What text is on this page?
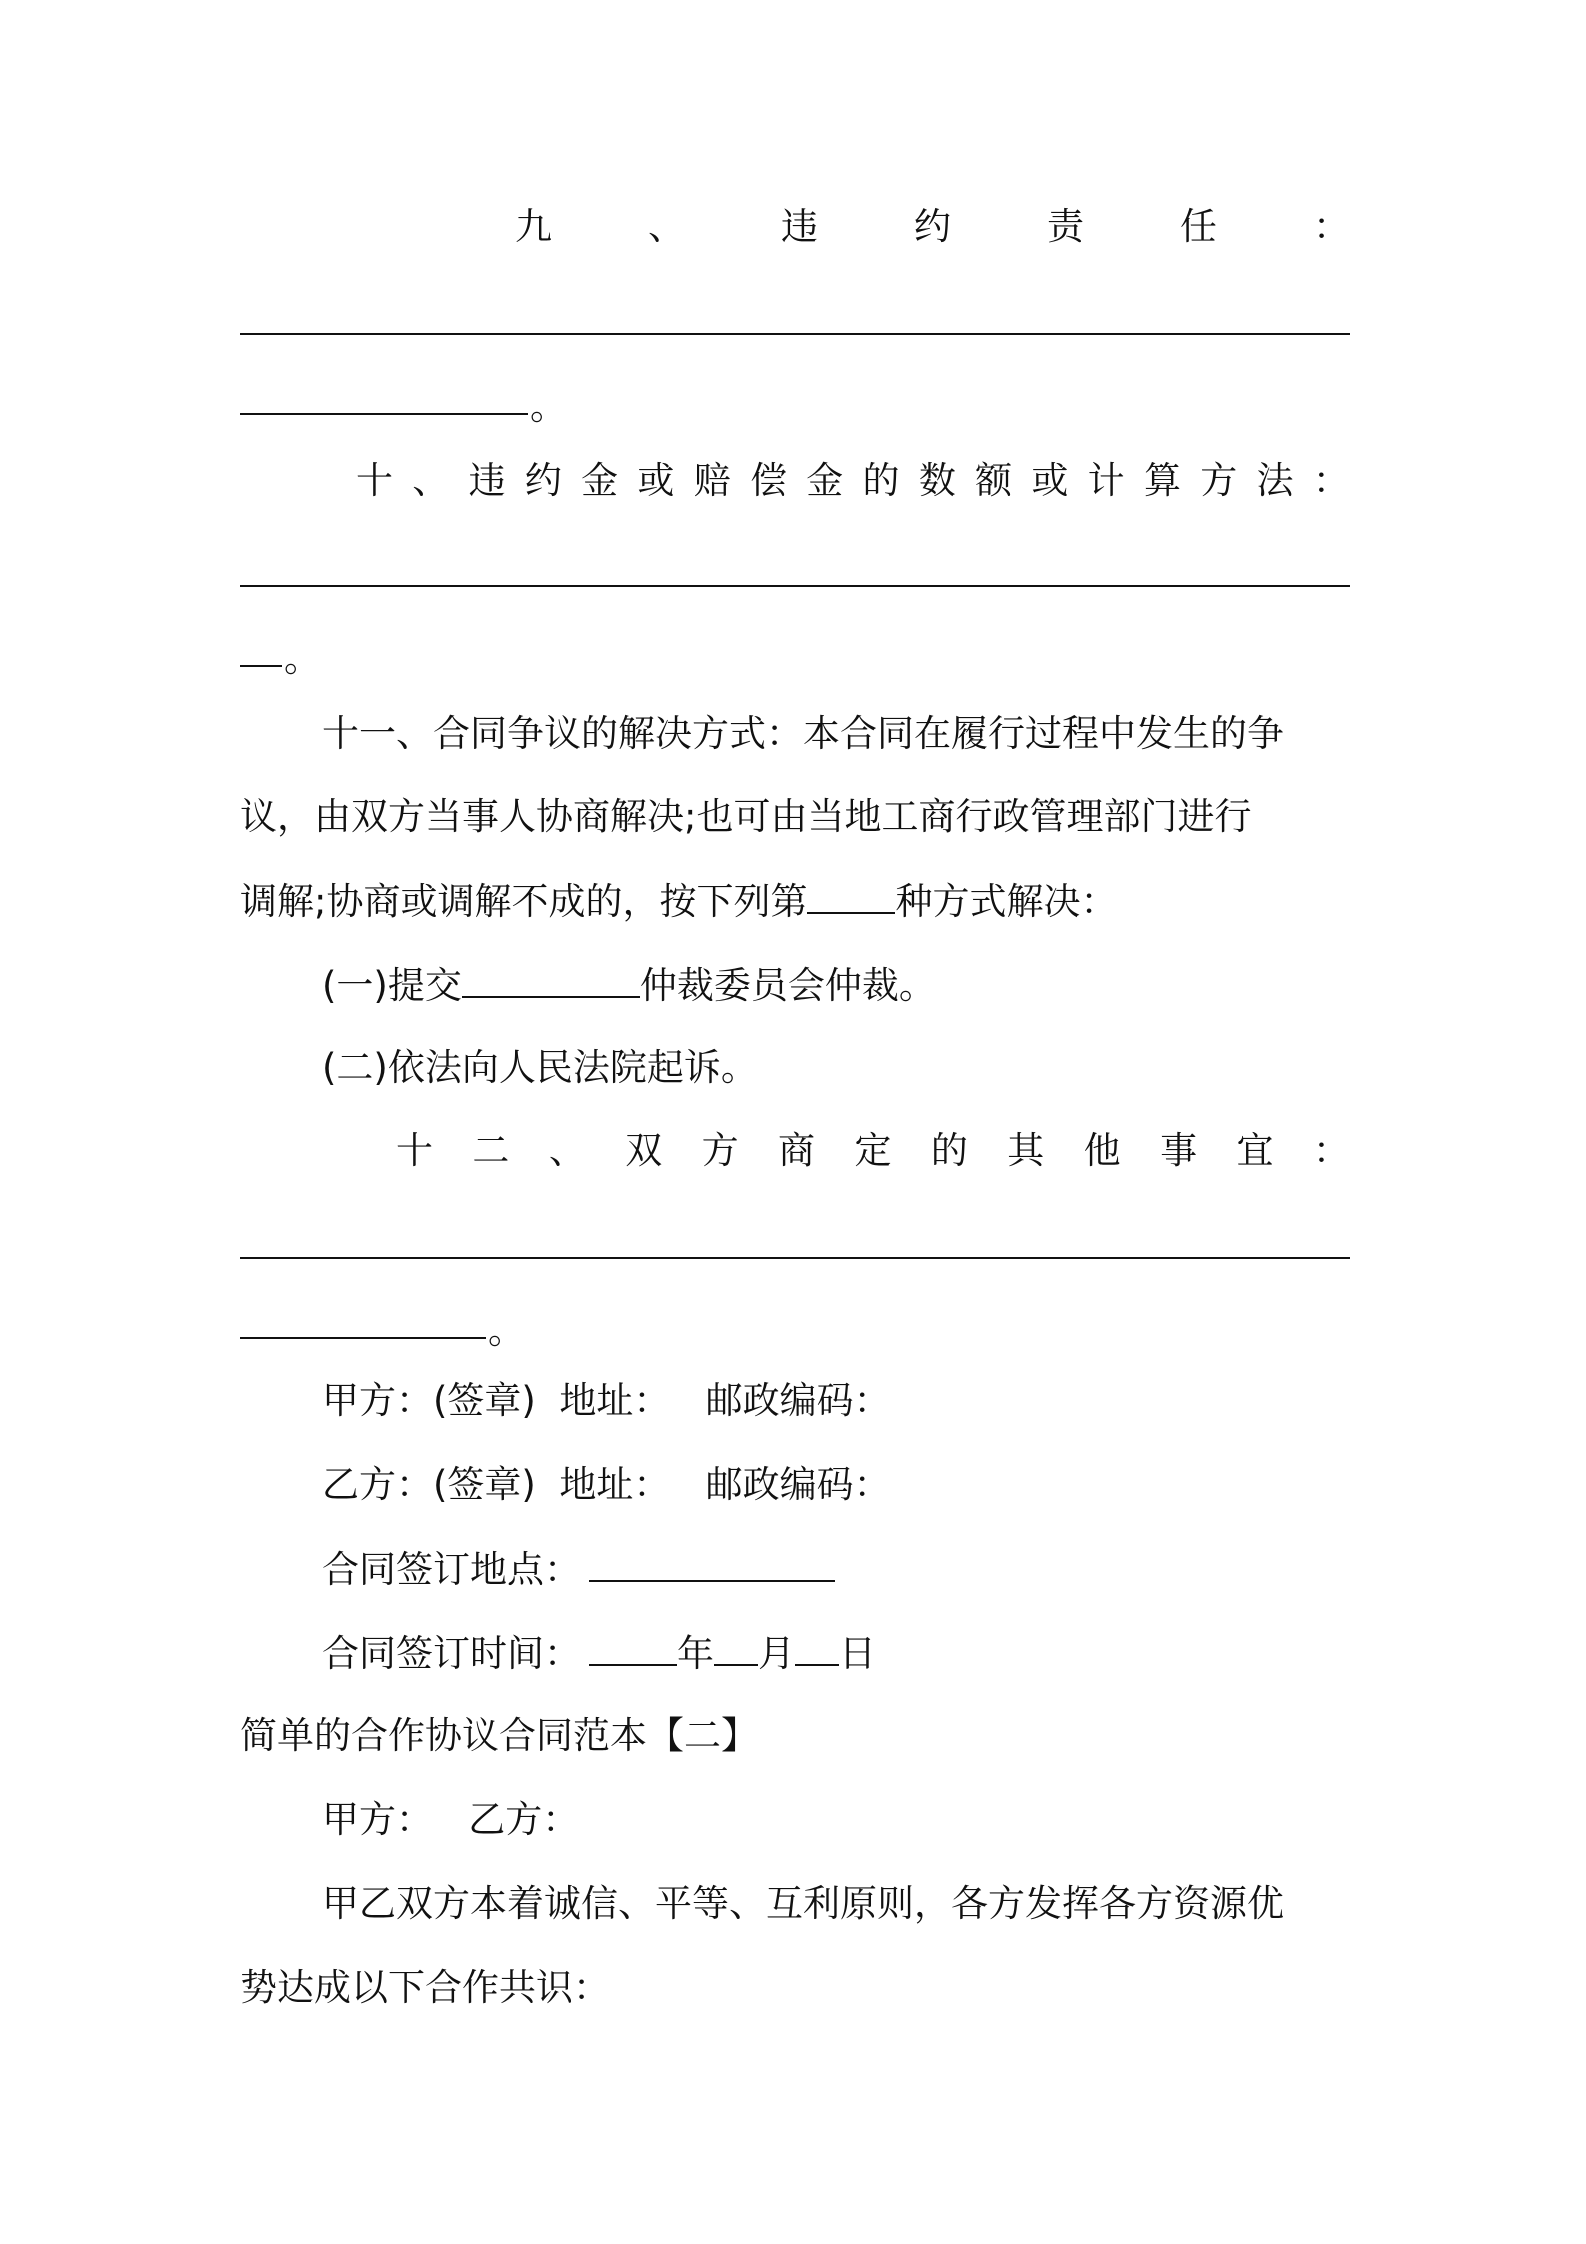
九	、	违	约	责	任	：
。
十 、 违 约 金 或 赔 偿 金 的 数 额 或 计 算 方 法 ：
。
十一、合同争议的解决方式：本合同在履行过程中发生的争
议，由双方当事人协商解决;也可由当地工商行政管理部门进行
调解;协商或调解不成的，按下列第 种方式解决：
(一)提交	仲裁委员会仲裁。
(二)依法向人民法院起诉。
十 二 、 双 方 商 定 的 其 他 事 宜 ：
。
甲方：(签章)  地址：   邮政编码：
乙方：(签章)  地址：   邮政编码：
合同签订地点：
合同签订时间：	年 月 日
简单的合作协议合同范本【二】
甲方：   乙方：
甲乙双方本着诚信、平等、互利原则，各方发挥各方资源优
势达成以下合作共识：
